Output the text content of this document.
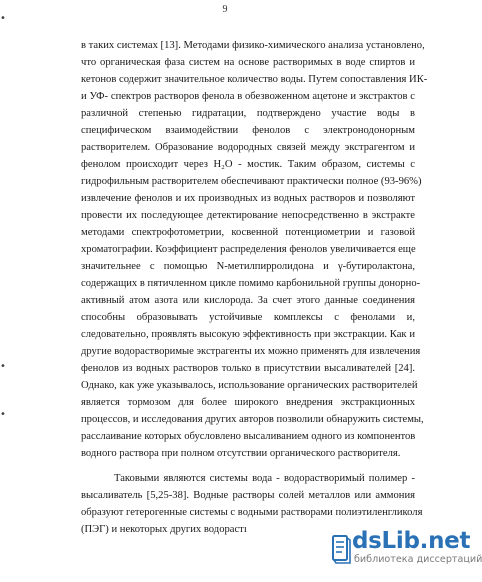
9
в таких системах [13]. Методами физико-химического анализа установлено,
что органическая фаза систем на основе растворимых в воде спиртов и
кетонов содержит значительное количество воды. Путем сопоставления ИК-
и УФ- спектров растворов фенола в обезвоженном ацетоне и экстрактов с
различной степенью гидратации, подтверждено участие воды в
специфическом взаимодействии фенолов с электронодонорным
растворителем. Образование водородных связей между экстрагентом и
фенолом происходит через H₂O - мостик. Таким образом, системы с
гидрофильным растворителем обеспечивают практически полное (93-96%)
извлечение фенолов и их производных из водных растворов и позволяют
провести их последующее детектирование непосредственно в экстракте
методами спектрофотометрии, косвенной потенциометрии и газовой
хроматографии. Коэффициент распределения фенолов увеличивается еще
значительнее с помощью N-метилпирролидона и γ-бутиролактона,
содержащих в пятичленном цикле помимо карбонильной группы донорно-
активный атом азота или кислорода. За счет этого данные соединения
способны образовывать устойчивые комплексы с фенолами и,
следовательно, проявлять высокую эффективность при экстракции. Как и
другие водорастворимые экстрагенты их можно применять для извлечения
фенолов из водных растворов только в присутствии высаливателей [24].
Однако, как уже указывалось, использование органических растворителей
является тормозом для более широкого внедрения экстракционных
процессов, и исследования других авторов позволили обнаружить системы,
расслаивание которых обусловлено высаливанием одного из компонентов
водного раствора при полном отсутствии органического растворителя.
Таковыми являются системы вода - водорастворимый полимер -
высаливатель [5,25-38]. Водные растворы солей металлов или аммония
образуют гетерогенные системы с водными растворами полиэтиленгликоля
(ПЭГ) и некоторых других водорастı
•
•
•
dsLib.net
библиотека диссертаций
